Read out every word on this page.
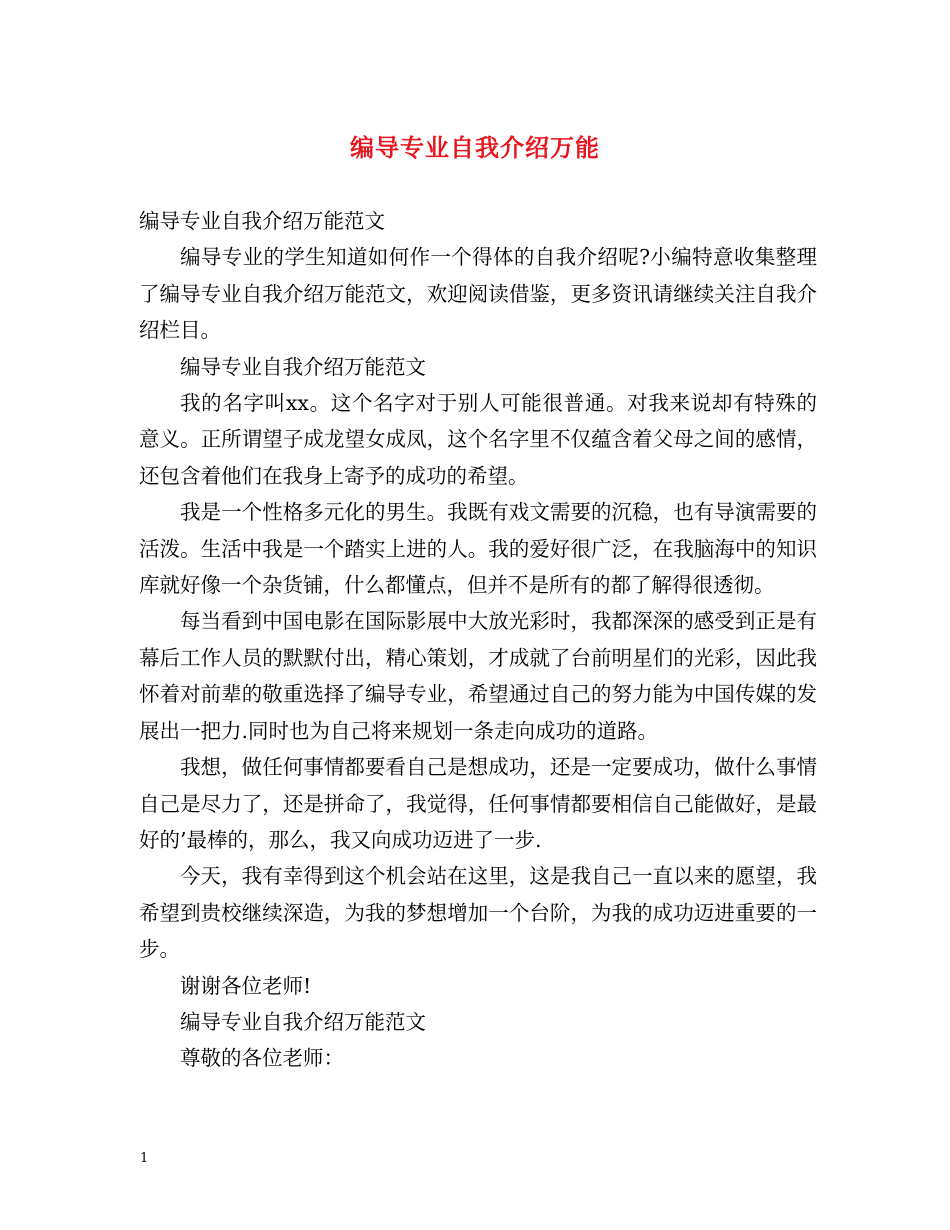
编导专业自我介绍万能

编导专业自我介绍万能范文

编导专业的学生知道如何作一个得体的自我介绍呢?小编特意收集整理了编导专业自我介绍万能范文，欢迎阅读借鉴，更多资讯请继续关注自我介绍栏目。

编导专业自我介绍万能范文

我的名字叫xx。这个名字对于别人可能很普通。对我来说却有特殊的意义。正所谓望子成龙望女成凤，这个名字里不仅蕴含着父母之间的感情，还包含着他们在我身上寄予的成功的希望。

我是一个性格多元化的男生。我既有戏文需要的沉稳，也有导演需要的活泼。生活中我是一个踏实上进的人。我的爱好很广泛，在我脑海中的知识库就好像一个杂货铺，什么都懂点，但并不是所有的都了解得很透彻。

每当看到中国电影在国际影展中大放光彩时，我都深深的感受到正是有幕后工作人员的默默付出，精心策划，才成就了台前明星们的光彩，因此我怀着对前辈的敬重选择了编导专业，希望通过自己的努力能为中国传媒的发展出一把力.同时也为自己将来规划一条走向成功的道路。

我想，做任何事情都要看自己是想成功，还是一定要成功，做什么事情自己是尽力了，还是拼命了，我觉得，任何事情都要相信自己能做好，是最好的’最棒的，那么，我又向成功迈进了一步.

今天，我有幸得到这个机会站在这里，这是我自己一直以来的愿望，我希望到贵校继续深造，为我的梦想增加一个台阶，为我的成功迈进重要的一步。

谢谢各位老师!

编导专业自我介绍万能范文

尊敬的各位老师：

1
